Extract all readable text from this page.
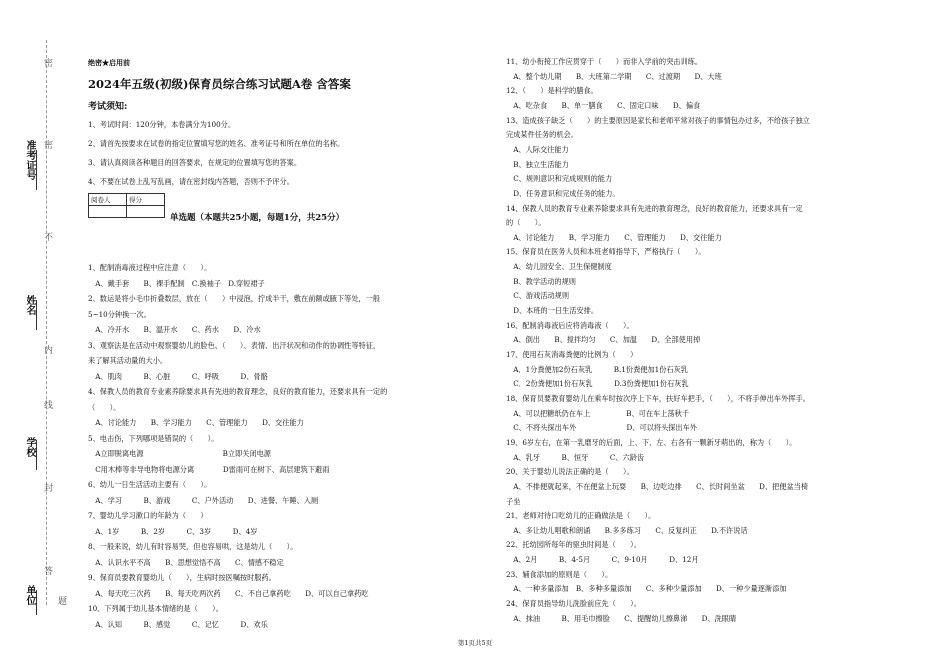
准考证号
姓名
学校
单位
密
密
不
内
线
封
答
题
绝密★启用前
2024年五级(初级)保育员综合练习试题A卷 含答案
考试须知:
1、考试时间：120分钟，本卷满分为100分。
2、请首先按要求在试卷的指定位置填写您的姓名、准考证号和所在单位的名称。
3、请认真阅读各种题目的回答要求，在规定的位置填写您的答案。
4、不要在试卷上乱写乱画，请在密封线内答题，否则不予评分。
阅卷人	得分

单选题（本题共25小题，每题1分，共25分）
1、配制消毒液过程中应注意（　　）。
　A、戴手套　　B、裸手配制　C.换袖子　D.穿短裙子
2、数运是将小毛巾折叠数层，放在（　　）中浸泡，拧成半干，敷在前额或腋下等处，一般
5~10分钟换一次。
　A、冷开水　　B、温开水　　C、药水　　D、冷水
3、观察法是在活动中观察婴幼儿的脸色、（　　）、表情、出汗状况和动作的协调性等特征，
来了解其活动量的大小。
　A、肌肉　　　B、心脏　　　C、呼吸　　　D、骨骼
4、保教人员的教育专业素养除要求具有先进的教育理念，良好的教育能力，还要求具有一定的
（　　）。
　A、讨论能力　　B、学习能力　　C、管理能力　　D、交往能力
5、电击伤，下列哪项是错误的（　　）。
　A立即脱离电源　　　　　　　　　　　B立即关闭电源
　C用木棒等非导电物将电源分离　　　　D雷雨可在树下、高层建筑下避雨
6、幼儿一日生活活动主要有（　　）。
　A、学习　　　B、游戏　　　C、户外活动　　D、进餐、午睡、入厕
7、婴幼儿学习漱口的年龄为（　　）
　A、1岁　　　B、2岁　　　C、3岁　　　D、4岁
8、一般来说，幼儿有时容易哭，但也容易哄，这是幼儿（　　）。
　A、认识水平不高　　B、思想觉悟不高　　C、情感不稳定
9、保育员要教育婴幼儿（　　），生病时按医嘱按时服药。
　A、每天吃三次药　　B、每天吃两次药　　C、不自己拿药吃　　D、可以自己拿药吃
10、下列属于幼儿基本情绪的是（　　）。
　A、认知　　　B、感觉　　　C、记忆　　　D、欢乐
11、幼小衔接工作应贯穿于（　　）而非入学前的突击训练。
　A、整个幼儿期　　B、大班第二学期　　C、过渡期　　D、大班
12、（　　）是科学的膳食。
　A、吃杂食　　B、单一膳食　　C、固定口味　　D、偏食
13、造成孩子缺乏（　　）的主要原因是家长和老师平常对孩子的事情包办过多，不给孩子独立
完成某件任务的机会。
　A、人际交往能力
　B、独立生活能力
　C、规则意识和完成规则的能力
　D、任务意识和完成任务的能力。
14、保教人员的教育专业素养除要求具有先进的教育理念，良好的教育能力，还要求具有一定
的（　　）。
　A、讨论能力　　B、学习能力　　C、管理能力　　D、交往能力
15、保育员在医务人员和本班老师指导下，严格执行（　　）。
　A、幼儿园安全、卫生保健制度
　B、教学活动的规则
　C、游戏活动规则
　D、本班的一日生活安排。
16、配制消毒液后应将消毒液（　　）。
　A、倒出　　B、搅拌均匀　　C、加温　　D、全部使用掉
17、使用石灰消毒粪便的比例为（　　）
　A．1分粪便加2份石灰乳　　　B.1份粪便加1份石灰乳
　C．2份粪便加1份石灰乳　　　D.3份粪便加1份石灰乳
18、保育员要教育婴幼儿在乘车时按次序上下车，扶好车把手，（　　），不将手伸出车外挥手。
　A、可以把糖纸仍在车上　　　　　B、可在车上荡秋千
　C、不将头探出车外　　　　　　　D、可以将头探出车外
19、6岁左右，在第一乳磨牙的后面，上、下、左、右各有一颗新牙萌出的，称为（　　）。
　A、乳牙　　　B、恒牙　　　C、六龄齿
20、关于婴幼儿说法正确的是（　　）。
　A、不排便就起来，不在便盆上玩耍　　B、边吃边排　　C、长时间坐盆　　D、把便盆当椅
子坐
21、老师对待口吃幼儿的正确做法是（　　）。
　A、多让幼儿唱歌和朗诵　　B.多多练习　　C、反复纠正　　D.不许说话
22、托幼园所每年的驱虫时间是（　　）。
　A、2月　　　B、4-5月　　　C、9-10月　　　D、12月
23、辅食添加的原则是（　　）。
　A、一种多量添加　B、多种多量添加　　C、多种少量添加　　D、一种少量逐渐添加
24、保育员指导幼儿洗脸前应先（　　）。
　A、抹油　　　B、用毛巾擦脸　　C、提醒幼儿擦鼻涕　　D、洗眼睛
第1页共5页
